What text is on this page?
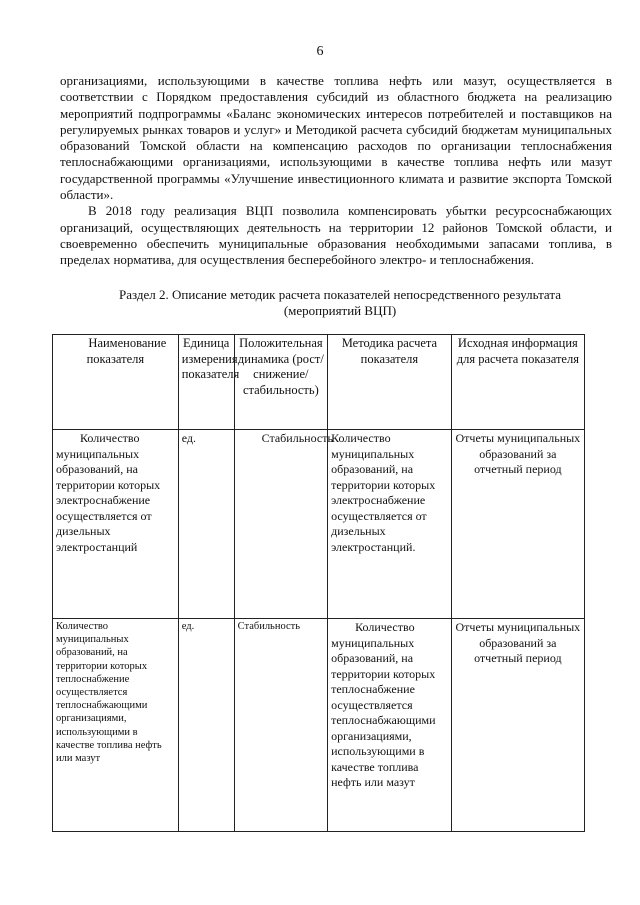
6

организациями, использующими в качестве топлива нефть или мазут, осуществляется в соответствии с Порядком предоставления субсидий из областного бюджета на реализацию мероприятий подпрограммы «Баланс экономических интересов потребителей и поставщиков на регулируемых рынках товаров и услуг» и Методикой расчета субсидий бюджетам муниципальных образований Томской области на компенсацию расходов по организации теплоснабжения теплоснабжающими организациями, использующими в качестве топлива нефть или мазут государственной программы «Улучшение инвестиционного климата и развитие экспорта Томской области».

В 2018 году реализация ВЦП позволила компенсировать убытки ресурсоснабжающих организаций, осуществляющих деятельность на территории 12 районов Томской области, и своевременно обеспечить муниципальные образования необходимыми запасами топлива, в пределах норматива, для осуществления бесперебойного электро- и теплоснабжения.

Раздел 2. Описание методик расчета показателей непосредственного результата
(мероприятий ВЦП)
Наименование показателя	Единица измерения показателя	Положительная динамика (рост/снижение/стабильность)	Методика расчета показателя	Исходная информация для расчета показателя
Количество муниципальных образований, на территории которых электроснабжение осуществляется от дизельных электростанций	ед.	Стабильность	Количество муниципальных образований, на территории которых электроснабжение осуществляется от дизельных электростанций.	Отчеты муниципальных образований за отчетный период
Количество муниципальных образований, на территории которых теплоснабжение осуществляется теплоснабжающими организациями, использующими в качестве топлива нефть или мазут	ед.	Стабильность	Количество муниципальных образований, на территории которых теплоснабжение осуществляется теплоснабжающими организациями, использующими в качестве топлива нефть или мазут	Отчеты муниципальных образований за отчетный период
